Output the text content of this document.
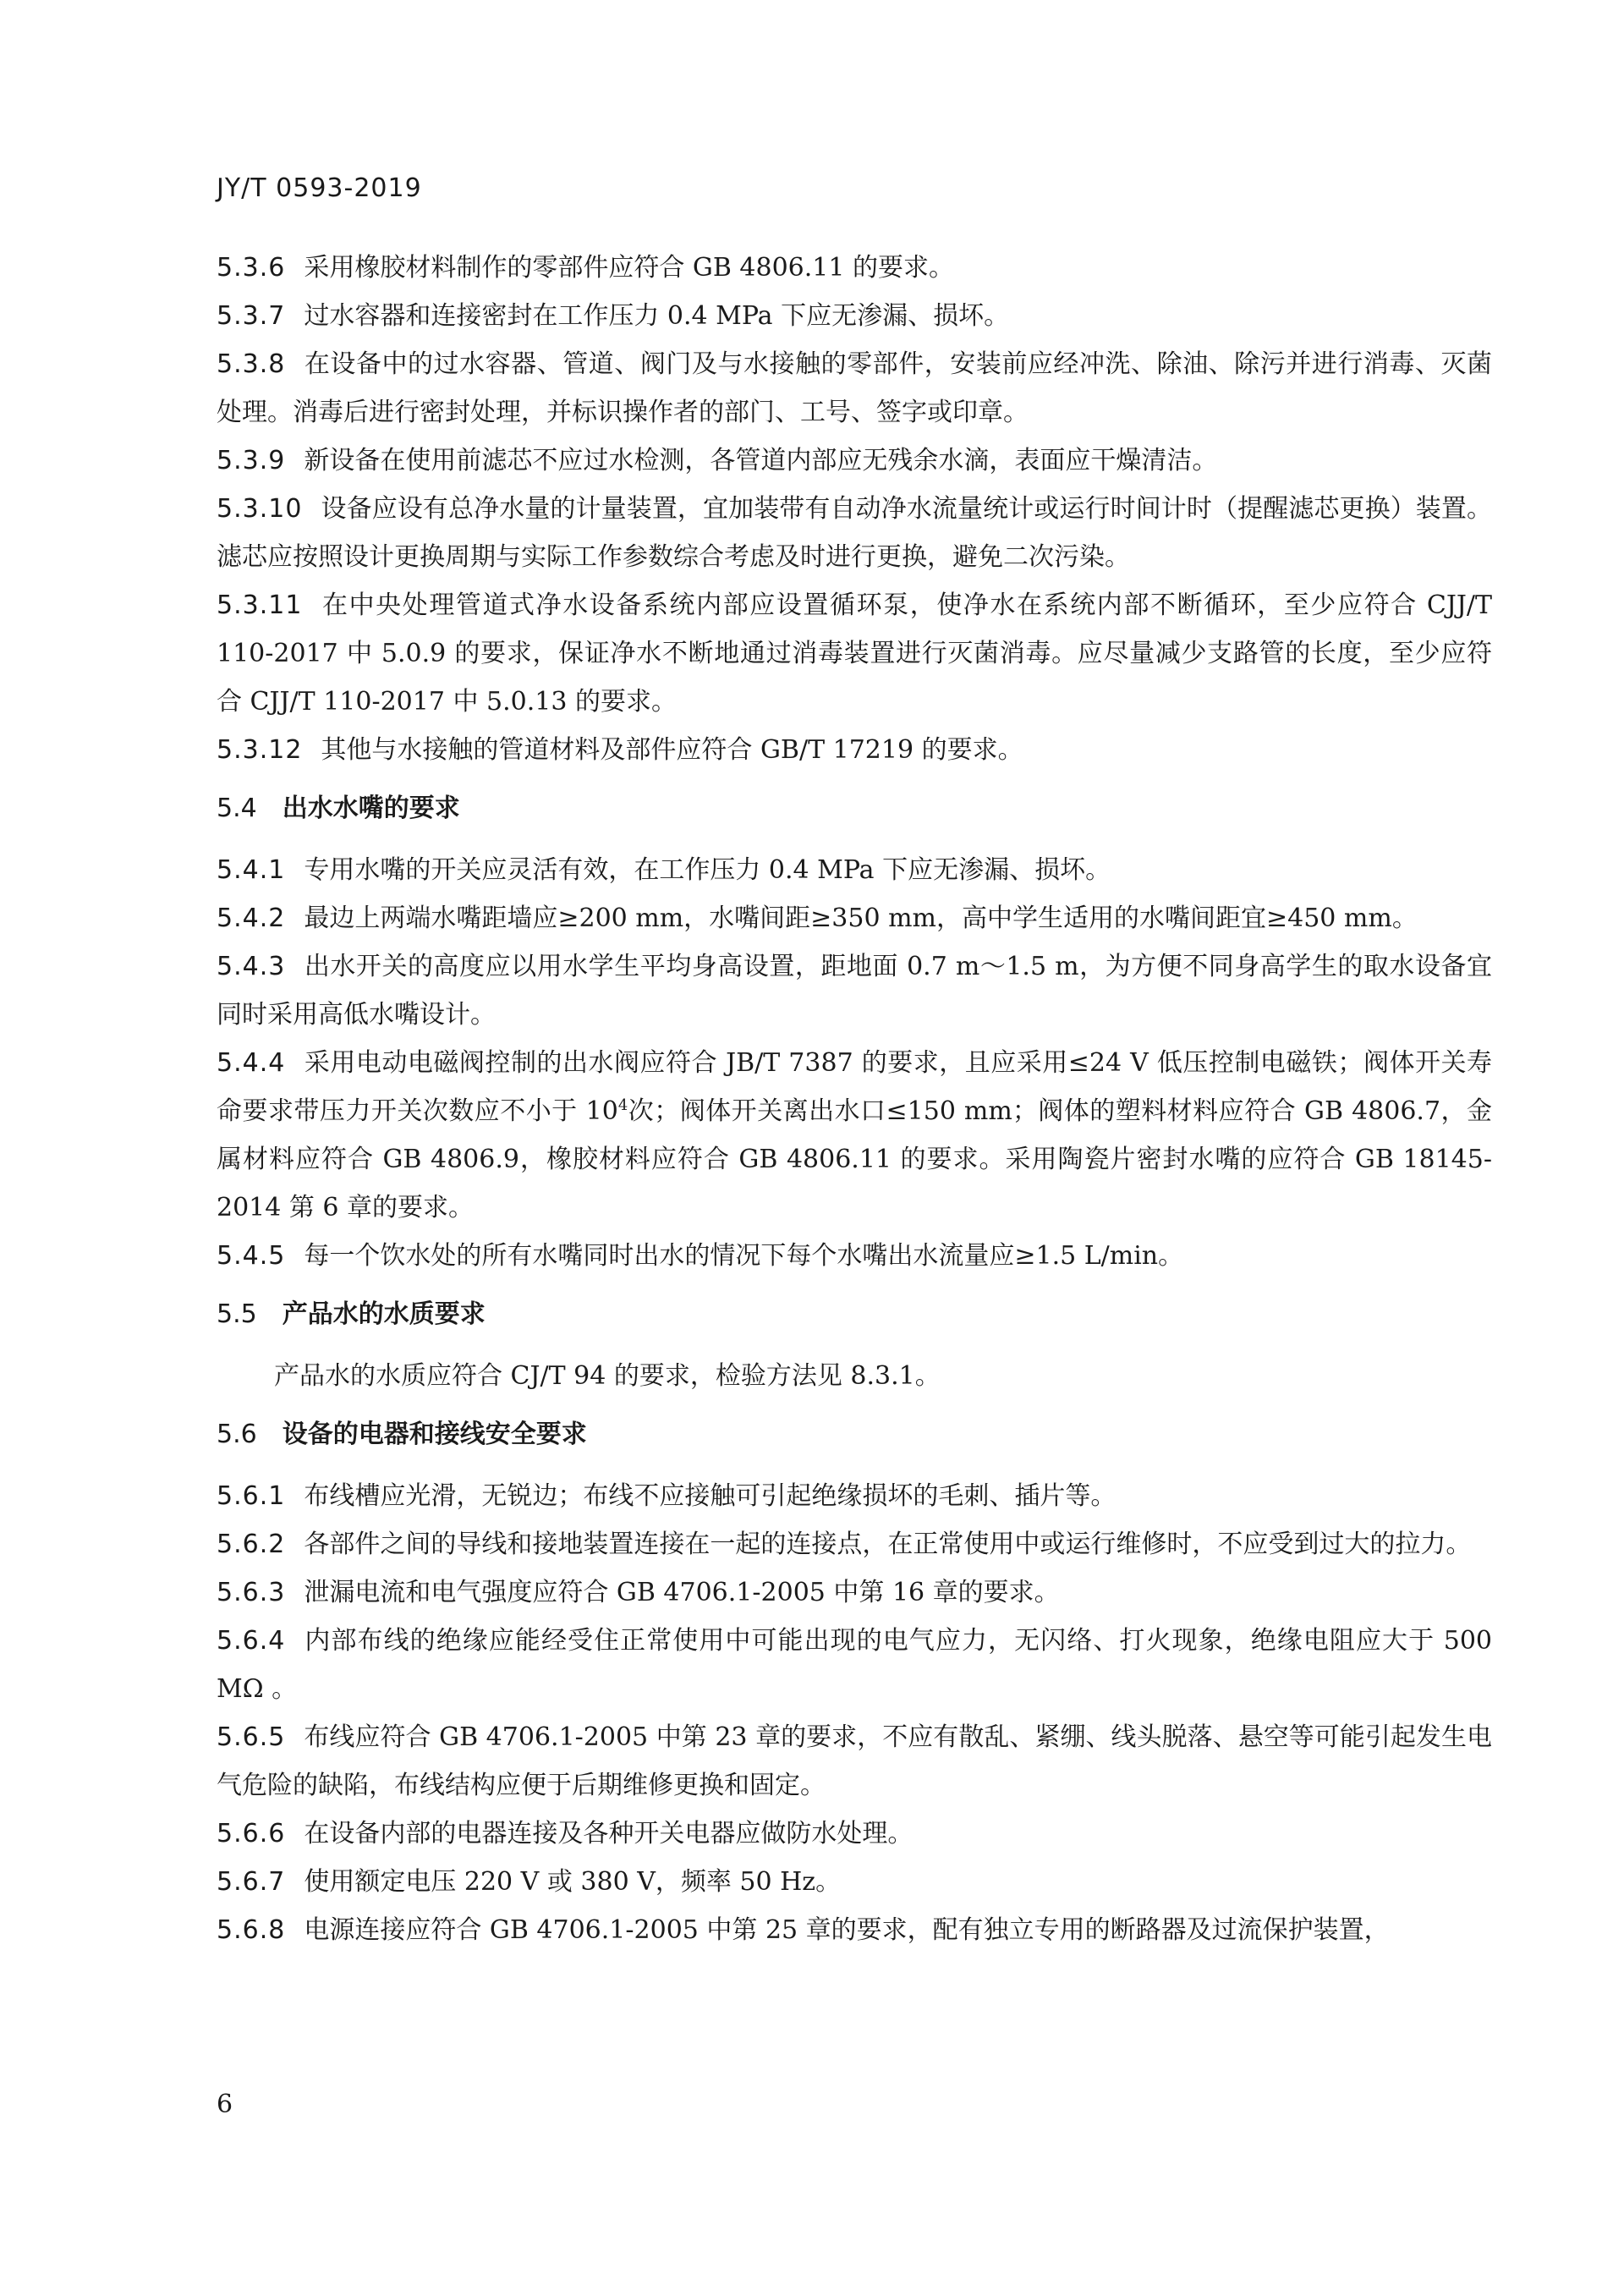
JY/T 0593-2019

5.3.6 采用橡胶材料制作的零部件应符合 GB 4806.11 的要求。

5.3.7 过水容器和连接密封在工作压力 0.4 MPa 下应无渗漏、损坏。

5.3.8 在设备中的过水容器、管道、阀门及与水接触的零部件，安装前应经冲洗、除油、除污并进行消毒、灭菌处理。消毒后进行密封处理，并标识操作者的部门、工号、签字或印章。

5.3.9 新设备在使用前滤芯不应过水检测，各管道内部应无残余水滴，表面应干燥清洁。

5.3.10 设备应设有总净水量的计量装置，宜加装带有自动净水流量统计或运行时间计时（提醒滤芯更换）装置。滤芯应按照设计更换周期与实际工作参数综合考虑及时进行更换，避免二次污染。

5.3.11 在中央处理管道式净水设备系统内部应设置循环泵，使净水在系统内部不断循环，至少应符合 CJJ/T 110-2017 中 5.0.9 的要求，保证净水不断地通过消毒装置进行灭菌消毒。应尽量减少支路管的长度，至少应符合 CJJ/T 110-2017 中 5.0.13 的要求。

5.3.12 其他与水接触的管道材料及部件应符合 GB/T 17219 的要求。

5.4 出水水嘴的要求

5.4.1 专用水嘴的开关应灵活有效，在工作压力 0.4 MPa 下应无渗漏、损坏。

5.4.2 最边上两端水嘴距墙应≥200 mm，水嘴间距≥350 mm，高中学生适用的水嘴间距宜≥450 mm。

5.4.3 出水开关的高度应以用水学生平均身高设置，距地面 0.7 m～1.5 m，为方便不同身高学生的取水设备宜同时采用高低水嘴设计。

5.4.4 采用电动电磁阀控制的出水阀应符合 JB/T 7387 的要求，且应采用≤24 V 低压控制电磁铁；阀体开关寿命要求带压力开关次数应不小于 $10^4$次；阀体开关离出水口≤150 mm；阀体的塑料材料应符合 GB 4806.7，金属材料应符合 GB 4806.9，橡胶材料应符合 GB 4806.11 的要求。采用陶瓷片密封水嘴的应符合 GB 18145-2014 第 6 章的要求。

5.4.5 每一个饮水处的所有水嘴同时出水的情况下每个水嘴出水流量应≥1.5 L/min。

5.5 产品水的水质要求

产品水的水质应符合 CJ/T 94 的要求，检验方法见 8.3.1。

5.6 设备的电器和接线安全要求

5.6.1 布线槽应光滑，无锐边；布线不应接触可引起绝缘损坏的毛刺、插片等。

5.6.2 各部件之间的导线和接地装置连接在一起的连接点，在正常使用中或运行维修时，不应受到过大的拉力。

5.6.3 泄漏电流和电气强度应符合 GB 4706.1-2005 中第 16 章的要求。

5.6.4 内部布线的绝缘应能经受住正常使用中可能出现的电气应力，无闪络、打火现象，绝缘电阻应大于 500 MΩ 。

5.6.5 布线应符合 GB 4706.1-2005 中第 23 章的要求，不应有散乱、紧绷、线头脱落、悬空等可能引起发生电气危险的缺陷，布线结构应便于后期维修更换和固定。

5.6.6 在设备内部的电器连接及各种开关电器应做防水处理。

5.6.7 使用额定电压 220 V 或 380 V，频率 50 Hz。

5.6.8 电源连接应符合 GB 4706.1-2005 中第 25 章的要求，配有独立专用的断路器及过流保护装置，

6
